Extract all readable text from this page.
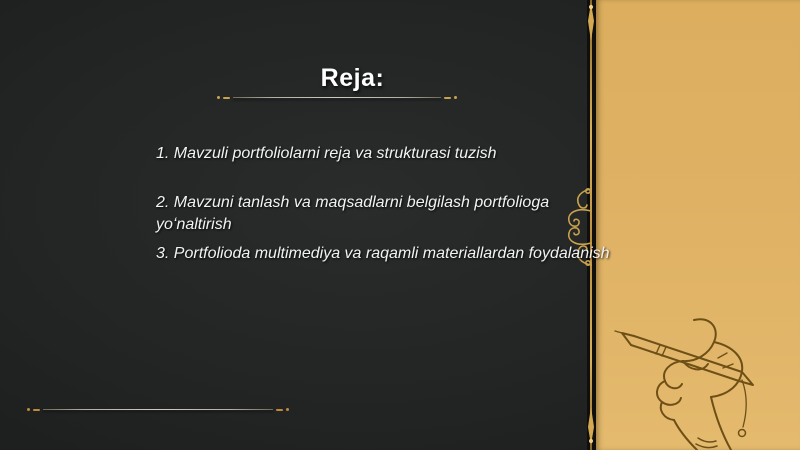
Reja:

1. Mavzuli portfoliolarni reja va strukturasi tuzish

2. Mavzuni tanlash va maqsadlarni belgilash portfolioga yoʻnaltirish

3. Portfolioda multimediya va raqamli materiallardan foydalanish
